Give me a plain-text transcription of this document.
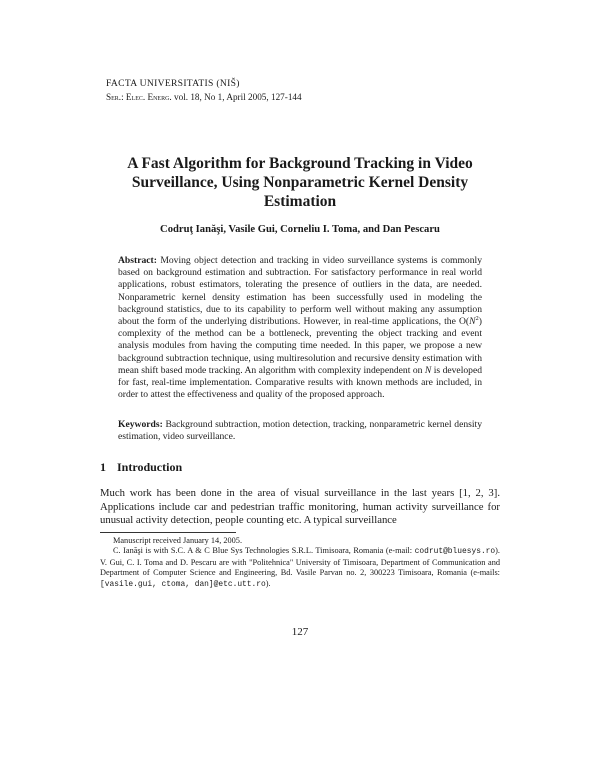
FACTA UNIVERSITATIS (NIŠ)
Ser.: Elec. Energ. vol. 18, No 1, April 2005, 127-144
A Fast Algorithm for Background Tracking in Video Surveillance, Using Nonparametric Kernel Density Estimation
Codruţ Ianăşi, Vasile Gui, Corneliu I. Toma, and Dan Pescaru
Abstract: Moving object detection and tracking in video surveillance systems is commonly based on background estimation and subtraction. For satisfactory performance in real world applications, robust estimators, tolerating the presence of outliers in the data, are needed. Nonparametric kernel density estimation has been successfully used in modeling the background statistics, due to its capability to perform well without making any assumption about the form of the underlying distributions. However, in real-time applications, the $O(N^2)$ complexity of the method can be a bottleneck, preventing the object tracking and event analysis modules from having the computing time needed. In this paper, we propose a new background subtraction technique, using multiresolution and recursive density estimation with mean shift based mode tracking. An algorithm with complexity independent on N is developed for fast, real-time implementation. Comparative results with known methods are included, in order to attest the effectiveness and quality of the proposed approach.
Keywords: Background subtraction, motion detection, tracking, nonparametric kernel density estimation, video surveillance.
1 Introduction
Much work has been done in the area of visual surveillance in the last years [1, 2, 3]. Applications include car and pedestrian traffic monitoring, human activity surveillance for unusual activity detection, people counting etc. A typical surveillance

Manuscript received January 14, 2005.

C. Ianăşi is with S.C. A & C Blue Sys Technologies S.R.L. Timisoara, Romania (e-mail: codrut@bluesys.ro). V. Gui, C. I. Toma and D. Pescaru are with "Politehnica" University of Timisoara, Department of Communication and Department of Computer Science and Engineering, Bd. Vasile Parvan no. 2, 300223 Timisoara, Romania (e-mails: [vasile.gui, ctoma, dan]@etc.utt.ro).

127
